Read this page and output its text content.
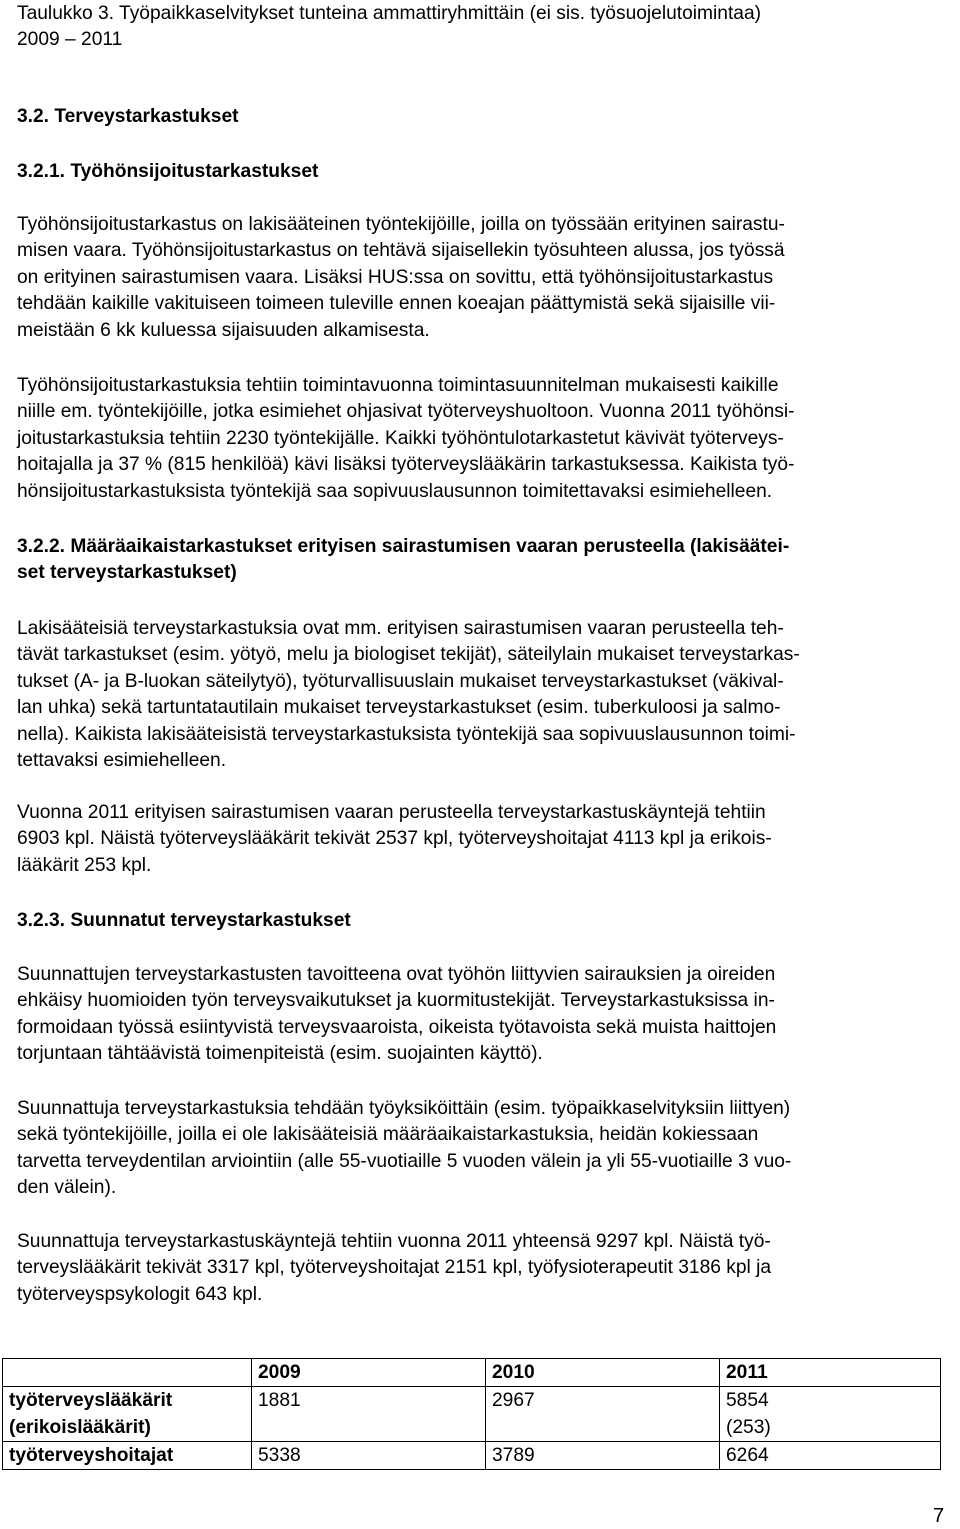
Taulukko 3. Työpaikkaselvitykset tunteina ammattiryhmittäin (ei sis. työsuojelutoimintaa)
2009 – 2011
3.2. Terveystarkastukset
3.2.1. Työhönsijoitustarkastukset
Työhönsijoitustarkastus on lakisääteinen työntekijöille, joilla on työssään erityinen sairastu-
misen vaara. Työhönsijoitustarkastus on tehtävä sijaisellekin työsuhteen alussa, jos työssä
on erityinen sairastumisen vaara. Lisäksi HUS:ssa on sovittu, että työhönsijoitustarkastus
tehdään kaikille vakituiseen toimeen tuleville ennen koeajan päättymistä sekä sijaisille vii-
meistään 6 kk kuluessa sijaisuuden alkamisesta.
Työhönsijoitustarkastuksia tehtiin toimintavuonna toimintasuunnitelman mukaisesti kaikille
niille em. työntekijöille, jotka esimiehet ohjasivat työterveyshuoltoon. Vuonna 2011 työhönsi-
joitustarkastuksia tehtiin 2230 työntekijälle. Kaikki työhöntulotarkastetut kävivät työterveys-
hoitajalla ja 37 % (815 henkilöä) kävi lisäksi työterveyslääkärin tarkastuksessa. Kaikista työ-
hönsijoitustarkastuksista työntekijä saa sopivuuslausunnon toimitettavaksi esimiehelleen.
3.2.2. Määräaikaistarkastukset erityisen sairastumisen vaaran perusteella (lakisäätei-
set terveystarkastukset)
Lakisääteisiä terveystarkastuksia ovat mm. erityisen sairastumisen vaaran perusteella teh-
tävät tarkastukset (esim. yötyö, melu ja biologiset tekijät), säteilylain mukaiset terveystarkas-
tukset (A- ja B-luokan säteilytyö), työturvallisuuslain mukaiset terveystarkastukset (väkival-
lan uhka) sekä tartuntatautilain mukaiset terveystarkastukset (esim. tuberkuloosi ja salmo-
nella). Kaikista lakisääteisistä terveystarkastuksista työntekijä saa sopivuuslausunnon toimi-
tettavaksi esimiehelleen.
Vuonna 2011 erityisen sairastumisen vaaran perusteella terveystarkastuskäyntejä tehtiin
6903 kpl. Näistä työterveyslääkärit tekivät 2537 kpl, työterveyshoitajat 4113 kpl ja erikois-
lääkärit 253 kpl.
3.2.3. Suunnatut terveystarkastukset
Suunnattujen terveystarkastusten tavoitteena ovat työhön liittyvien sairauksien ja oireiden
ehkäisy huomioiden työn terveysvaikutukset ja kuormitustekijät. Terveystarkastuksissa in-
formoidaan työssä esiintyvistä terveysvaaroista, oikeista työtavoista sekä muista haittojen
torjuntaan tähtäävistä toimenpiteistä (esim. suojainten käyttö).
Suunnattuja terveystarkastuksia tehdään työyksiköittäin (esim. työpaikkaselvityksiin liittyen)
sekä työntekijöille, joilla ei ole lakisääteisiä määräaikaistarkastuksia, heidän kokiessaan
tarvetta terveydentilan arviointiin (alle 55-vuotiaille 5 vuoden välein ja yli 55-vuotiaille 3 vuo-
den välein).
Suunnattuja terveystarkastuskäyntejä tehtiin vuonna 2011 yhteensä 9297 kpl. Näistä työ-
terveyslääkärit tekivät 3317 kpl, työterveyshoitajat 2151 kpl, työfysioterapeutit 3186 kpl ja
työterveyspsykologit 643 kpl.
	2009	2010	2011
työterveyslääkärit
(erikoislääkärit)	1881	2967	5854
(253)
työterveyshoitajat	5338	3789	6264
7
